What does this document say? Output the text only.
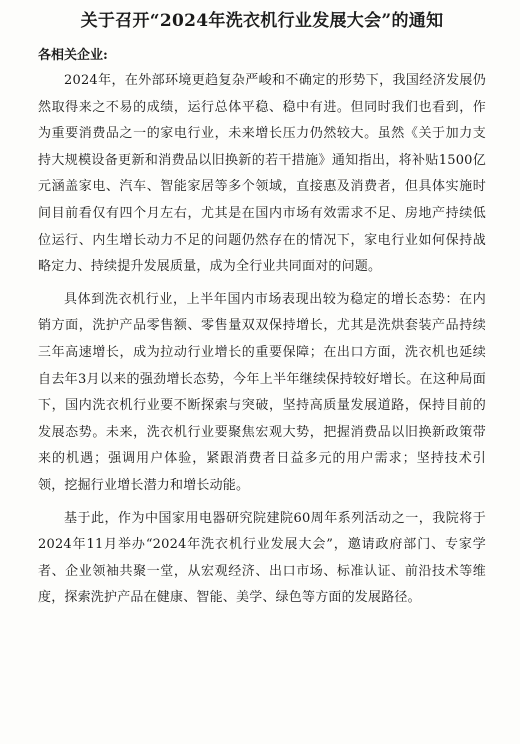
关于召开“2024年洗衣机行业发展大会”的通知

各相关企业:

2024年，在外部环境更趋复杂严峻和不确定的形势下，我国经济发展仍然取得来之不易的成绩，运行总体平稳、稳中有进。但同时我们也看到，作为重要消费品之一的家电行业，未来增长压力仍然较大。虽然《关于加力支持大规模设备更新和消费品以旧换新的若干措施》通知指出，将补贴1500亿元涵盖家电、汽车、智能家居等多个领域，直接惠及消费者，但具体实施时间目前看仅有四个月左右，尤其是在国内市场有效需求不足、房地产持续低位运行、内生增长动力不足的问题仍然存在的情况下，家电行业如何保持战略定力、持续提升发展质量，成为全行业共同面对的问题。

具体到洗衣机行业，上半年国内市场表现出较为稳定的增长态势：在内销方面，洗护产品零售额、零售量双双保持增长，尤其是洗烘套装产品持续三年高速增长，成为拉动行业增长的重要保障；在出口方面，洗衣机也延续自去年3月以来的强劲增长态势，今年上半年继续保持较好增长。在这种局面下，国内洗衣机行业要不断探索与突破，坚持高质量发展道路，保持目前的发展态势。未来，洗衣机行业要聚焦宏观大势，把握消费品以旧换新政策带来的机遇；强调用户体验，紧跟消费者日益多元的用户需求；坚持技术引领，挖掘行业增长潜力和增长动能。

基于此，作为中国家用电器研究院建院60周年系列活动之一，我院将于2024年11月举办“2024年洗衣机行业发展大会”，邀请政府部门、专家学者、企业领袖共聚一堂，从宏观经济、出口市场、标准认证、前沿技术等维度，探索洗护产品在健康、智能、美学、绿色等方面的发展路径。
